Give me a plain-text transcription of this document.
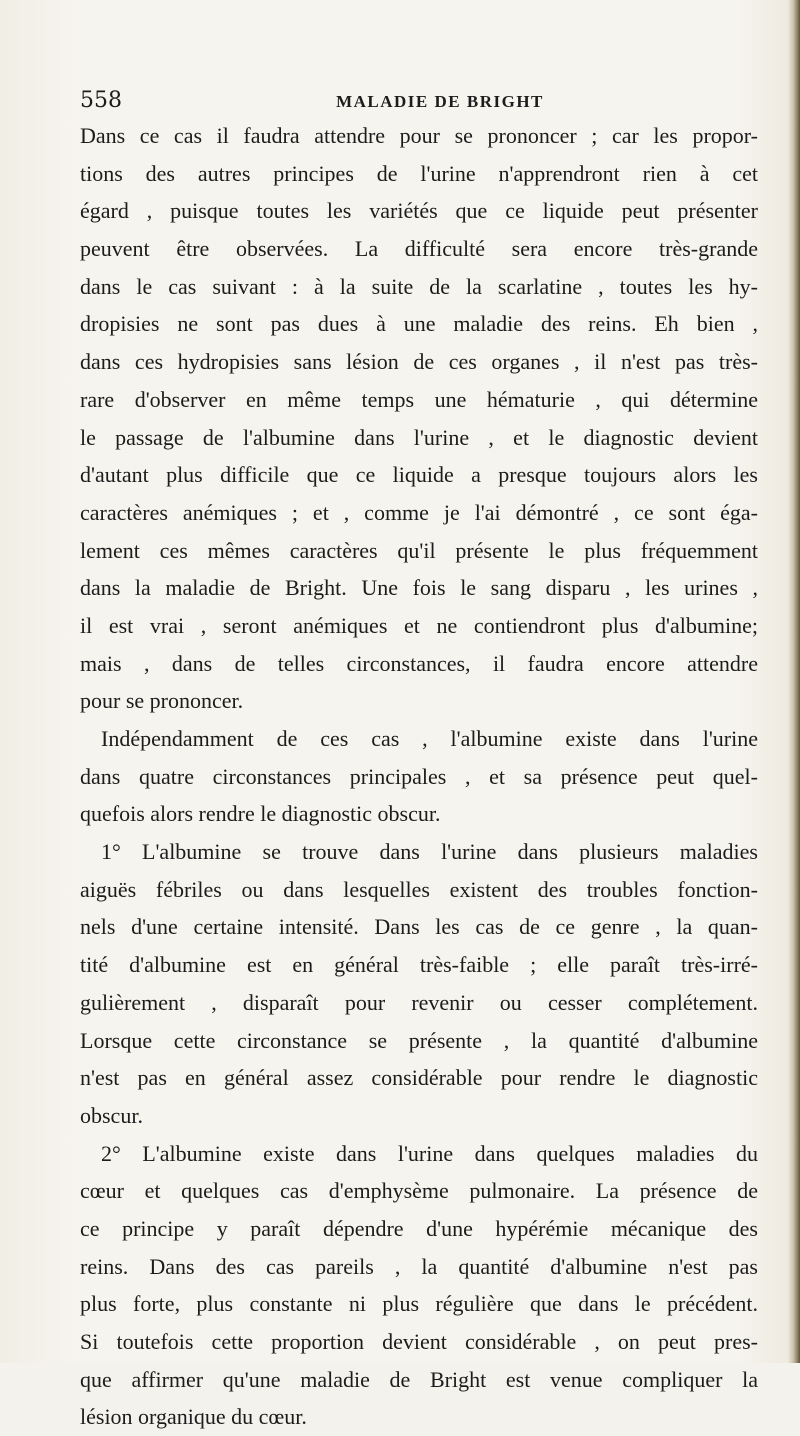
558	MALADIE DE BRIGHT
Dans ce cas il faudra attendre pour se prononcer ; car les propor-
tions des autres principes de l'urine n'apprendront rien à cet
égard , puisque toutes les variétés que ce liquide peut présenter
peuvent être observées. La difficulté sera encore très-grande
dans le cas suivant : à la suite de la scarlatine , toutes les hy-
dropisies ne sont pas dues à une maladie des reins. Eh bien ,
dans ces hydropisies sans lésion de ces organes , il n'est pas très-
rare d'observer en même temps une hématurie , qui détermine
le passage de l'albumine dans l'urine , et le diagnostic devient
d'autant plus difficile que ce liquide a presque toujours alors les
caractères anémiques ; et , comme je l'ai démontré , ce sont éga-
lement ces mêmes caractères qu'il présente le plus fréquemment
dans la maladie de Bright. Une fois le sang disparu , les urines ,
il est vrai , seront anémiques et ne contiendront plus d'albumine;
mais , dans de telles circonstances, il faudra encore attendre
pour se prononcer.
Indépendamment de ces cas , l'albumine existe dans l'urine
dans quatre circonstances principales , et sa présence peut quel-
quefois alors rendre le diagnostic obscur.
1° L'albumine se trouve dans l'urine dans plusieurs maladies
aiguës fébriles ou dans lesquelles existent des troubles fonction-
nels d'une certaine intensité. Dans les cas de ce genre , la quan-
tité d'albumine est en général très-faible ; elle paraît très-irré-
gulièrement , disparaît pour revenir ou cesser complétement.
Lorsque cette circonstance se présente , la quantité d'albumine
n'est pas en général assez considérable pour rendre le diagnostic
obscur.
2° L'albumine existe dans l'urine dans quelques maladies du
cœur et quelques cas d'emphysème pulmonaire. La présence de
ce principe y paraît dépendre d'une hypérémie mécanique des
reins. Dans des cas pareils , la quantité d'albumine n'est pas
plus forte, plus constante ni plus régulière que dans le précédent.
Si toutefois cette proportion devient considérable , on peut pres-
que affirmer qu'une maladie de Bright est venue compliquer la
lésion organique du cœur.
